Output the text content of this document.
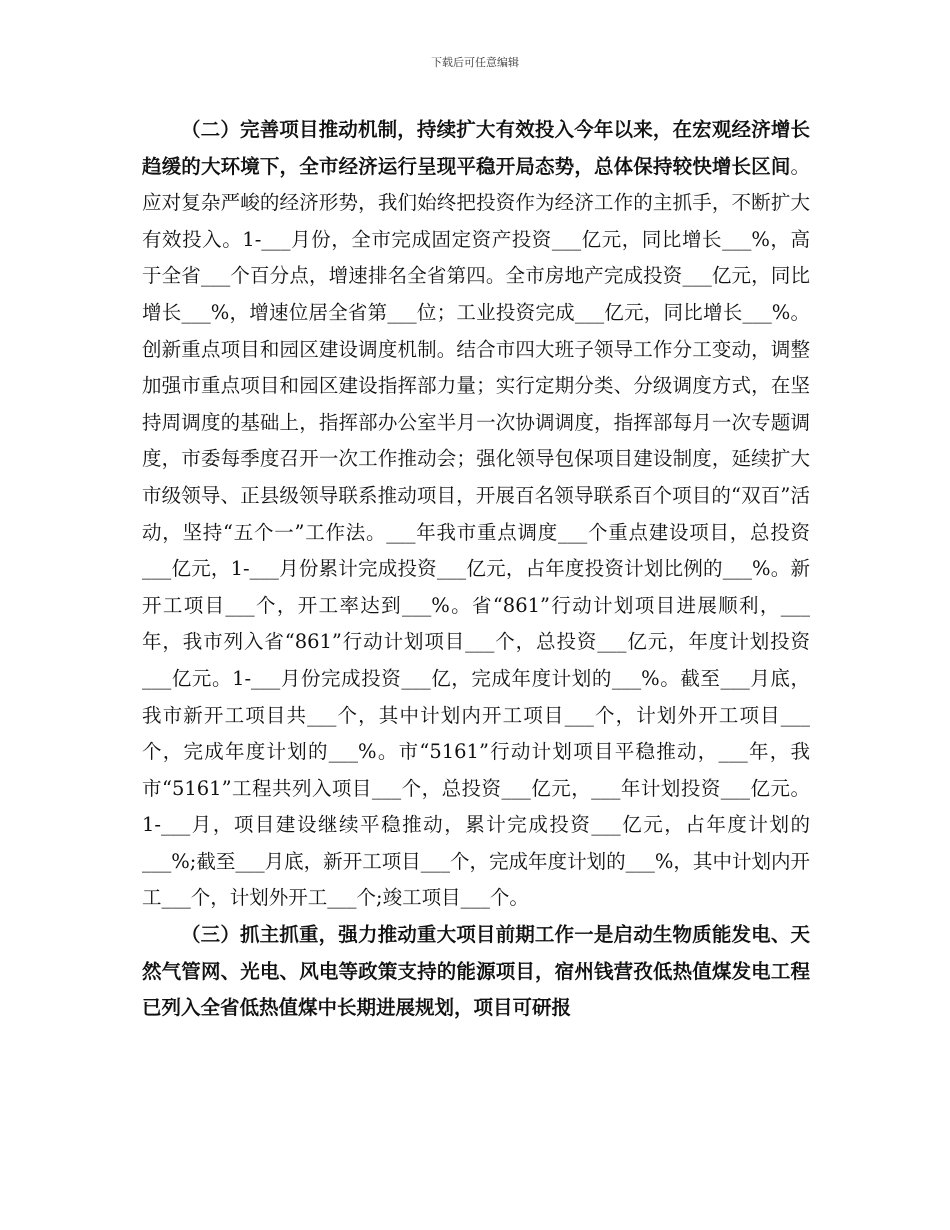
下载后可任意编辑

（二）完善项目推动机制，持续扩大有效投入今年以来，在宏观经济增长趋缓的大环境下，全市经济运行呈现平稳开局态势，总体保持较快增长区间。应对复杂严峻的经济形势，我们始终把投资作为经济工作的主抓手，不断扩大有效投入。1-___月份，全市完成固定资产投资___亿元，同比增长___%，高于全省___个百分点，增速排名全省第四。全市房地产完成投资___亿元，同比增长___%，增速位居全省第___位；工业投资完成___亿元，同比增长___%。创新重点项目和园区建设调度机制。结合市四大班子领导工作分工变动，调整加强市重点项目和园区建设指挥部力量；实行定期分类、分级调度方式，在坚持周调度的基础上，指挥部办公室半月一次协调调度，指挥部每月一次专题调度，市委每季度召开一次工作推动会；强化领导包保项目建设制度，延续扩大市级领导、正县级领导联系推动项目，开展百名领导联系百个项目的“双百”活动，坚持“五个一”工作法。___年我市重点调度___个重点建设项目，总投资___亿元，1-___月份累计完成投资___亿元，占年度投资计划比例的___%。新开工项目___个，开工率达到___%。省“861”行动计划项目进展顺利，___年，我市列入省“861”行动计划项目___个，总投资___亿元，年度计划投资___亿元。1-___月份完成投资___亿，完成年度计划的___%。截至___月底，我市新开工项目共___个，其中计划内开工项目___个，计划外开工项目___个，完成年度计划的___%。市“5161”行动计划项目平稳推动，___年，我市“5161”工程共列入项目___个，总投资___亿元，___年计划投资___亿元。1-___月，项目建设继续平稳推动，累计完成投资___亿元，占年度计划的___%;截至___月底，新开工项目___个，完成年度计划的___%，其中计划内开工___个，计划外开工___个;竣工项目___个。

（三）抓主抓重，强力推动重大项目前期工作一是启动生物质能发电、天然气管网、光电、风电等政策支持的能源项目，宿州钱营孜低热值煤发电工程已列入全省低热值煤中长期进展规划，项目可研报
